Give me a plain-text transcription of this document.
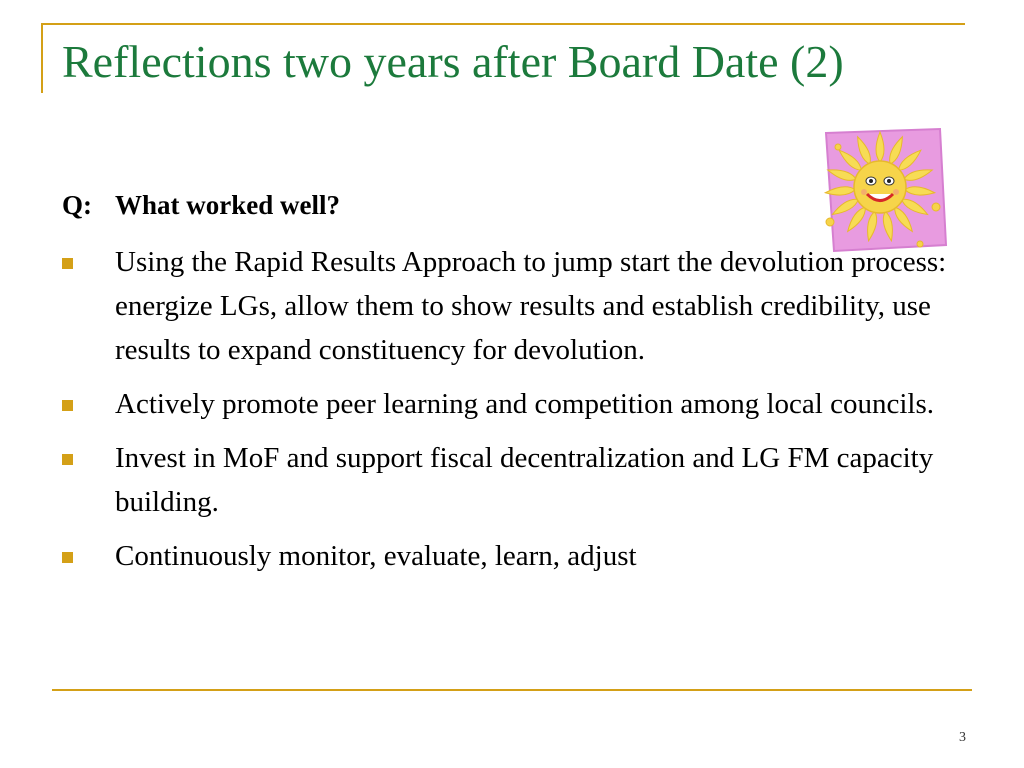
Reflections two years after Board Date (2)
Q: What worked well?
Using the Rapid Results Approach to jump start the devolution process: energize LGs, allow them to show results and establish credibility, use results to expand constituency for devolution.
Actively promote peer learning and competition among local councils.
Invest in MoF and support fiscal decentralization and LG FM capacity building.
Continuously monitor, evaluate, learn, adjust
3
